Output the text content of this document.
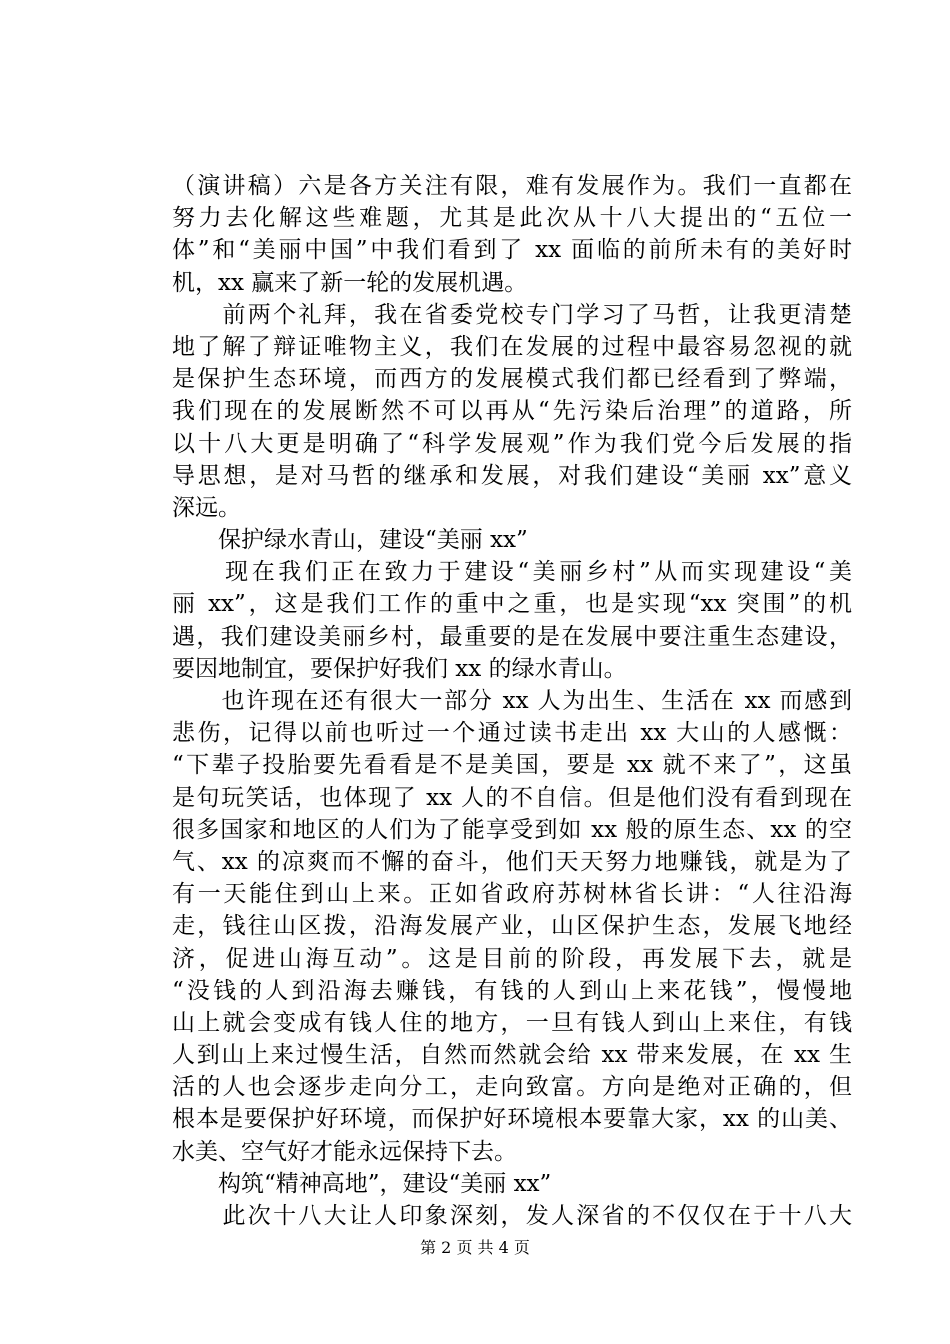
（演讲稿）六是各方关注有限，难有发展作为。我们一直都在
努力去化解这些难题，尤其是此次从十八大提出的“五位一
体”和“美丽中国”中我们看到了 xx 面临的前所未有的美好时
机，xx 赢来了新一轮的发展机遇。
　　前两个礼拜，我在省委党校专门学习了马哲，让我更清楚
地了解了辩证唯物主义，我们在发展的过程中最容易忽视的就
是保护生态环境，而西方的发展模式我们都已经看到了弊端，
我们现在的发展断然不可以再从“先污染后治理”的道路，所
以十八大更是明确了“科学发展观”作为我们党今后发展的指
导思想，是对马哲的继承和发展，对我们建设“美丽 xx”意义
深远。
　　保护绿水青山，建设“美丽 xx”
　　现在我们正在致力于建设“美丽乡村”从而实现建设“美
丽 xx”，这是我们工作的重中之重，也是实现“xx 突围”的机
遇，我们建设美丽乡村，最重要的是在发展中要注重生态建设，
要因地制宜，要保护好我们 xx 的绿水青山。
　　也许现在还有很大一部分 xx 人为出生、生活在 xx 而感到
悲伤，记得以前也听过一个通过读书走出 xx 大山的人感慨：
“下辈子投胎要先看看是不是美国，要是 xx 就不来了”，这虽
是句玩笑话，也体现了 xx 人的不自信。但是他们没有看到现在
很多国家和地区的人们为了能享受到如 xx 般的原生态、xx 的空
气、xx 的凉爽而不懈的奋斗，他们天天努力地赚钱，就是为了
有一天能住到山上来。正如省政府苏树林省长讲：“人往沿海
走，钱往山区拨，沿海发展产业，山区保护生态，发展飞地经
济，促进山海互动”。这是目前的阶段，再发展下去，就是
“没钱的人到沿海去赚钱，有钱的人到山上来花钱”，慢慢地
山上就会变成有钱人住的地方，一旦有钱人到山上来住，有钱
人到山上来过慢生活，自然而然就会给 xx 带来发展，在 xx 生
活的人也会逐步走向分工，走向致富。方向是绝对正确的，但
根本是要保护好环境，而保护好环境根本要靠大家，xx 的山美、
水美、空气好才能永远保持下去。
　　构筑“精神高地”，建设“美丽 xx”
　　此次十八大让人印象深刻，发人深省的不仅仅在于十八大
第 2 页 共 4 页
